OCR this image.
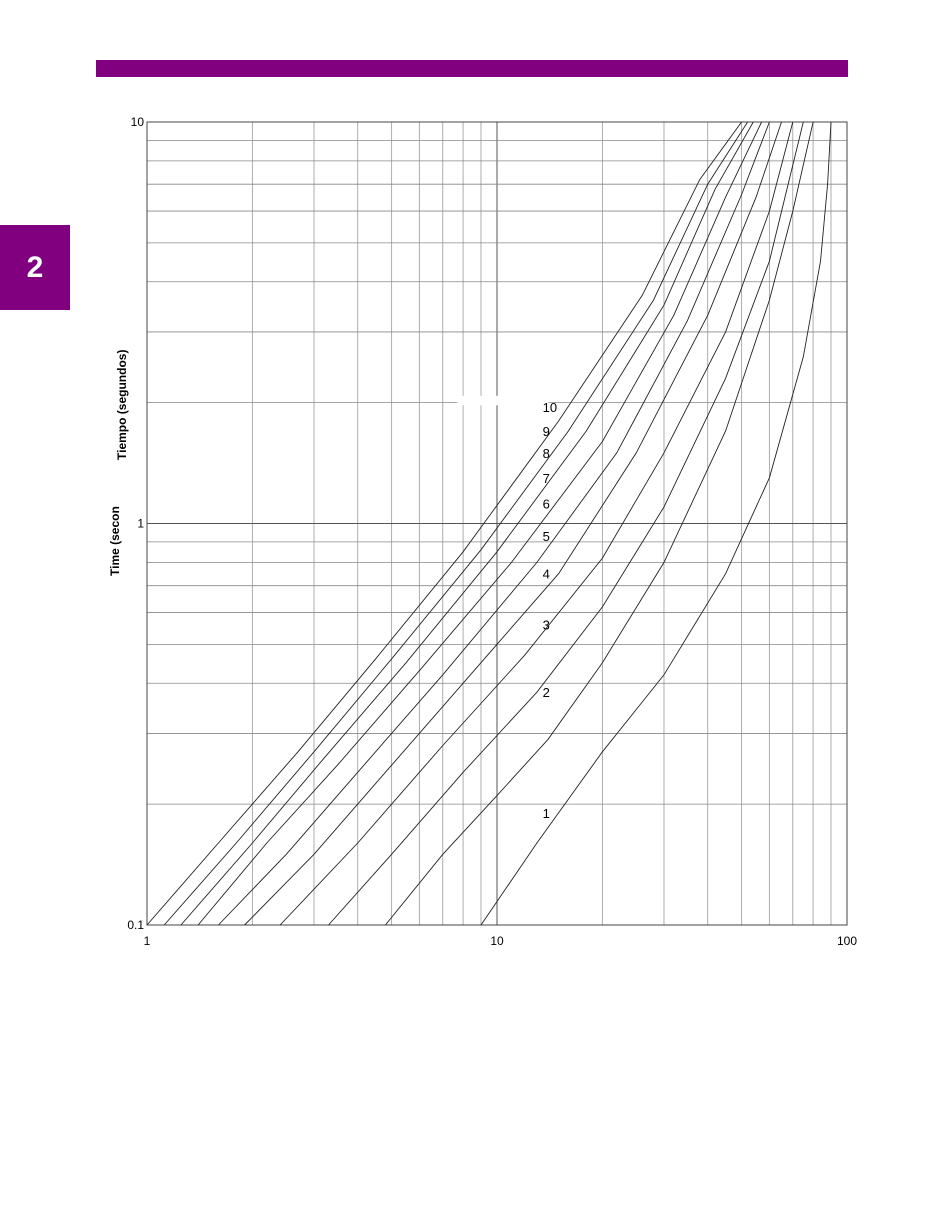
2
10
9
8
7
6
5
4
3
2
1
1	10	100
0.1
1
10
Tiempo (segundos)
Time (secon
